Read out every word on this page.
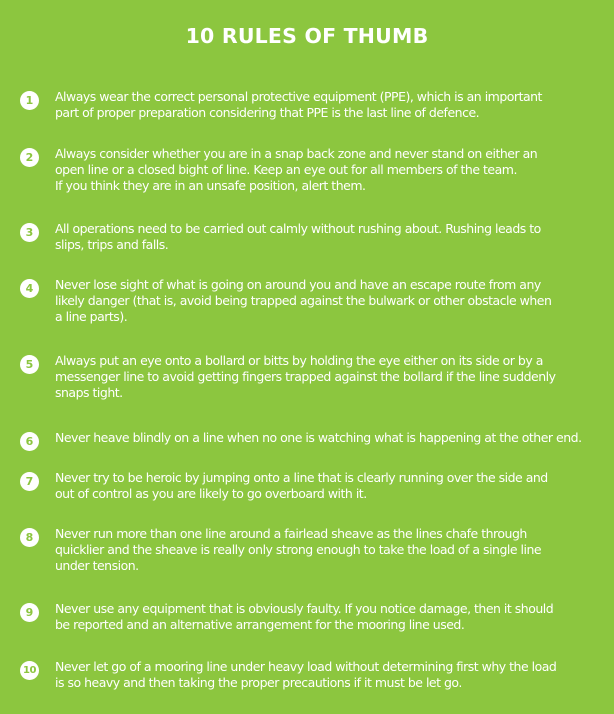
10 RULES OF THUMB
1	Always wear the correct personal protective equipment (PPE), which is an important
part of proper preparation considering that PPE is the last line of defence.
2	Always consider whether you are in a snap back zone and never stand on either an
open line or a closed bight of line. Keep an eye out for all members of the team.
If you think they are in an unsafe position, alert them.
3	All operations need to be carried out calmly without rushing about. Rushing leads to
slips, trips and falls.
4	Never lose sight of what is going on around you and have an escape route from any
likely danger (that is, avoid being trapped against the bulwark or other obstacle when
a line parts).
5	Always put an eye onto a bollard or bitts by holding the eye either on its side or by a
messenger line to avoid getting fingers trapped against the bollard if the line suddenly
snaps tight.
6	Never heave blindly on a line when no one is watching what is happening at the other end.
7	Never try to be heroic by jumping onto a line that is clearly running over the side and
out of control as you are likely to go overboard with it.
8	Never run more than one line around a fairlead sheave as the lines chafe through
quicklier and the sheave is really only strong enough to take the load of a single line
under tension.
9	Never use any equipment that is obviously faulty. If you notice damage, then it should
be reported and an alternative arrangement for the mooring line used.
10 Never let go of a mooring line under heavy load without determining first why the load
is so heavy and then taking the proper precautions if it must be let go.
